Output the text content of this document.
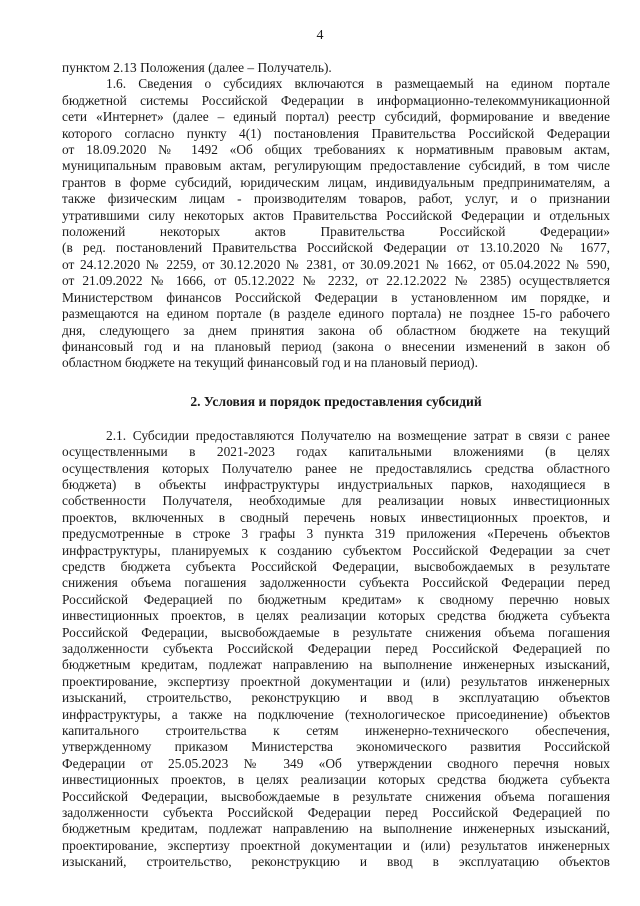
4

пунктом 2.13 Положения (далее – Получатель).

1.6. Сведения о субсидиях включаются в размещаемый на едином портале
бюджетной системы Российской Федерации в информационно-телекоммуникационной
сети «Интернет» (далее – единый портал) реестр субсидий, формирование и введение
которого согласно пункту 4(1) постановления Правительства Российской Федерации
от 18.09.2020 № 1492 «Об общих требованиях к нормативным правовым актам,
муниципальным правовым актам, регулирующим предоставление субсидий, в том числе
грантов в форме субсидий, юридическим лицам, индивидуальным предпринимателям, а
также физическим лицам - производителям товаров, работ, услуг, и о признании
утратившими силу некоторых актов Правительства Российской Федерации и отдельных
положений некоторых актов Правительства Российской Федерации»
(в ред. постановлений Правительства Российской Федерации от 13.10.2020 № 1677,
от 24.12.2020 № 2259, от 30.12.2020 № 2381, от 30.09.2021 № 1662, от 05.04.2022 № 590,
от 21.09.2022 № 1666, от 05.12.2022 № 2232, от 22.12.2022 № 2385) осуществляется
Министерством финансов Российской Федерации в установленном им порядке, и
размещаются на едином портале (в разделе единого портала) не позднее 15-го рабочего
дня, следующего за днем принятия закона об областном бюджете на текущий
финансовый год и на плановый период (закона о внесении изменений в закон об
областном бюджете на текущий финансовый год и на плановый период).

2. Условия и порядок предоставления субсидий

2.1. Субсидии предоставляются Получателю на возмещение затрат в связи с ранее
осуществленными в 2021-2023 годах капитальными вложениями (в целях
осуществления которых Получателю ранее не предоставлялись средства областного
бюджета) в объекты инфраструктуры индустриальных парков, находящиеся в
собственности Получателя, необходимые для реализации новых инвестиционных
проектов, включенных в сводный перечень новых инвестиционных проектов, и
предусмотренные в строке 3 графы 3 пункта 319 приложения «Перечень объектов
инфраструктуры, планируемых к созданию субъектом Российской Федерации за счет
средств бюджета субъекта Российской Федерации, высвобождаемых в результате
снижения объема погашения задолженности субъекта Российской Федерации перед
Российской Федерацией по бюджетным кредитам» к сводному перечню новых
инвестиционных проектов, в целях реализации которых средства бюджета субъекта
Российской Федерации, высвобождаемые в результате снижения объема погашения
задолженности субъекта Российской Федерации перед Российской Федерацией по
бюджетным кредитам, подлежат направлению на выполнение инженерных изысканий,
проектирование, экспертизу проектной документации и (или) результатов инженерных
изысканий, строительство, реконструкцию и ввод в эксплуатацию объектов
инфраструктуры, а также на подключение (технологическое присоединение) объектов
капитального строительства к сетям инженерно-технического обеспечения,
утвержденному приказом Министерства экономического развития Российской
Федерации от 25.05.2023 № 349 «Об утверждении сводного перечня новых
инвестиционных проектов, в целях реализации которых средства бюджета субъекта
Российской Федерации, высвобождаемые в результате снижения объема погашения
задолженности субъекта Российской Федерации перед Российской Федерацией по
бюджетным кредитам, подлежат направлению на выполнение инженерных изысканий,
проектирование, экспертизу проектной документации и (или) результатов инженерных
изысканий, строительство, реконструкцию и ввод в эксплуатацию объектов
